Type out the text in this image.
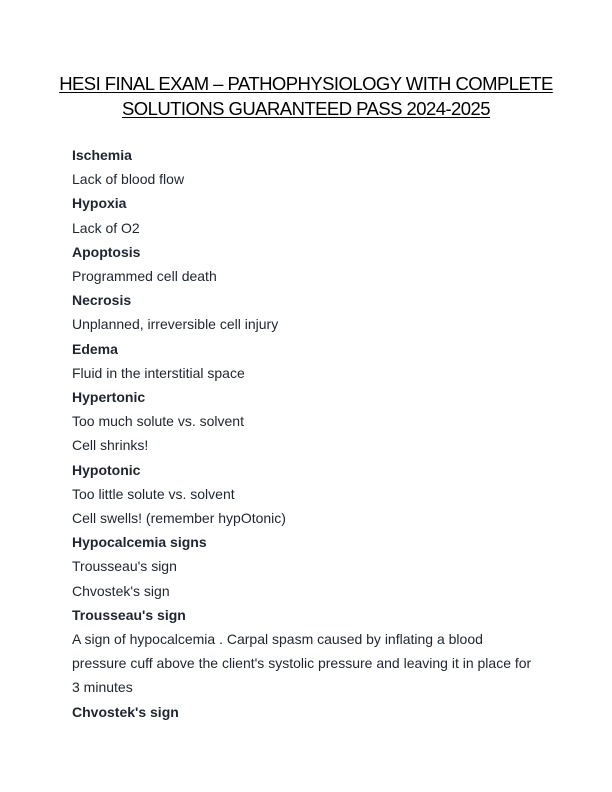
HESI FINAL EXAM – PATHOPHYSIOLOGY WITH COMPLETE
SOLUTIONS GUARANTEED PASS 2024-2025

Ischemia

Lack of blood flow

Hypoxia

Lack of O2

Apoptosis

Programmed cell death

Necrosis

Unplanned, irreversible cell injury

Edema

Fluid in the interstitial space

Hypertonic

Too much solute vs. solvent

Cell shrinks!

Hypotonic

Too little solute vs. solvent

Cell swells! (remember hypOtonic)

Hypocalcemia signs

Trousseau's sign

Chvostek's sign

Trousseau's sign

A sign of hypocalcemia . Carpal spasm caused by inflating a blood

pressure cuff above the client's systolic pressure and leaving it in place for

3 minutes

Chvostek's sign
